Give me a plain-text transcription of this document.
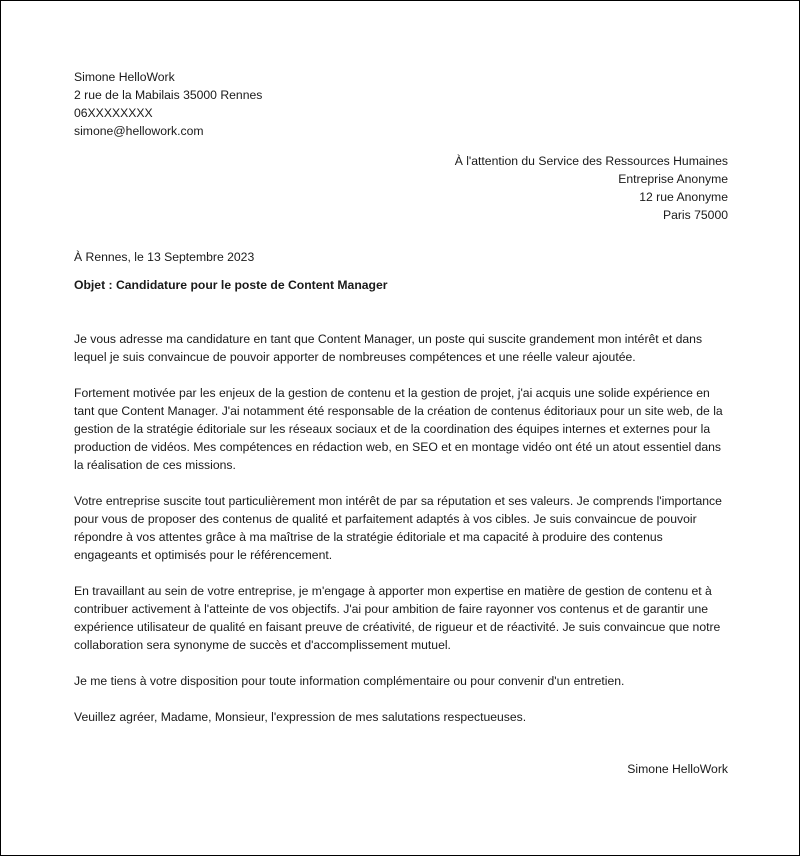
Simone HelloWork
2 rue de la Mabilais 35000 Rennes
06XXXXXXXX
simone@hellowork.com
À l'attention du Service des Ressources Humaines
Entreprise Anonyme
12 rue Anonyme
Paris 75000
À Rennes, le 13 Septembre 2023
Objet : Candidature pour le poste de Content Manager

Je vous adresse ma candidature en tant que Content Manager, un poste qui suscite grandement mon intérêt et dans lequel je suis convaincue de pouvoir apporter de nombreuses compétences et une réelle valeur ajoutée.

Fortement motivée par les enjeux de la gestion de contenu et la gestion de projet, j'ai acquis une solide expérience en tant que Content Manager. J'ai notamment été responsable de la création de contenus éditoriaux pour un site web, de la gestion de la stratégie éditoriale sur les réseaux sociaux et de la coordination des équipes internes et externes pour la production de vidéos. Mes compétences en rédaction web, en SEO et en montage vidéo ont été un atout essentiel dans la réalisation de ces missions.

Votre entreprise suscite tout particulièrement mon intérêt de par sa réputation et ses valeurs. Je comprends l'importance pour vous de proposer des contenus de qualité et parfaitement adaptés à vos cibles. Je suis convaincue de pouvoir répondre à vos attentes grâce à ma maîtrise de la stratégie éditoriale et ma capacité à produire des contenus engageants et optimisés pour le référencement.

En travaillant au sein de votre entreprise, je m'engage à apporter mon expertise en matière de gestion de contenu et à contribuer activement à l'atteinte de vos objectifs. J'ai pour ambition de faire rayonner vos contenus et de garantir une expérience utilisateur de qualité en faisant preuve de créativité, de rigueur et de réactivité. Je suis convaincue que notre collaboration sera synonyme de succès et d'accomplissement mutuel.

Je me tiens à votre disposition pour toute information complémentaire ou pour convenir d'un entretien.

Veuillez agréer, Madame, Monsieur, l'expression de mes salutations respectueuses.

Simone HelloWork
